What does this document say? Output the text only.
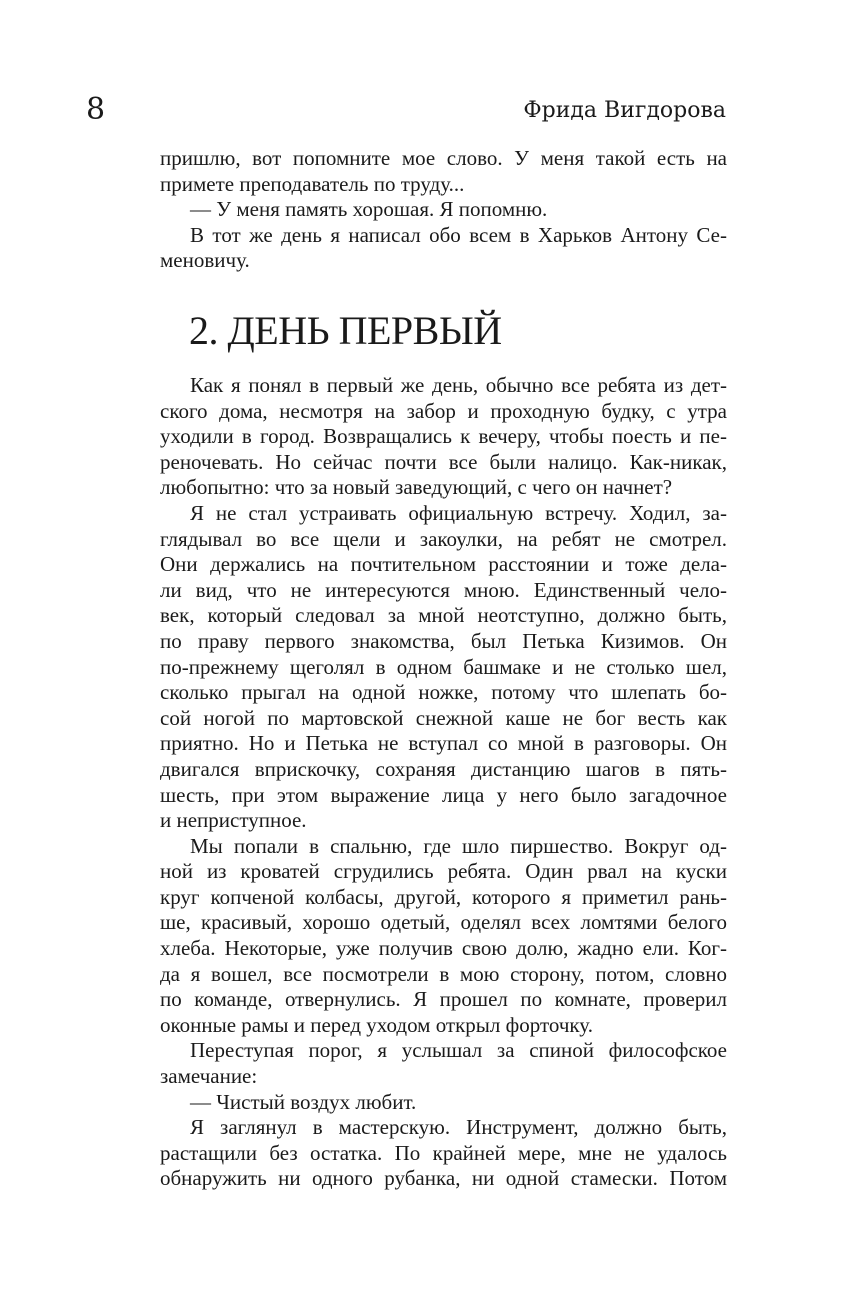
8	Фрида Вигдорова
пришлю, вот попомните мое слово. У меня такой есть на
примете преподаватель по труду...
— У меня память хорошая. Я попомню.
В тот же день я написал обо всем в Харьков Антону Се-
меновичу.
2. ДЕНЬ ПЕРВЫЙ
Как я понял в первый же день, обычно все ребята из дет-
ского дома, несмотря на забор и проходную будку, с утра
уходили в город. Возвращались к вечеру, чтобы поесть и пе-
реночевать. Но сейчас почти все были налицо. Как-никак,
любопытно: что за новый заведующий, с чего он начнет?
Я не стал устраивать официальную встречу. Ходил, за-
глядывал во все щели и закоулки, на ребят не смотрел.
Они держались на почтительном расстоянии и тоже дела-
ли вид, что не интересуются мною. Единственный чело-
век, который следовал за мной неотступно, должно быть,
по праву первого знакомства, был Петька Кизимов. Он
по-прежнему щеголял в одном башмаке и не столько шел,
сколько прыгал на одной ножке, потому что шлепать бо-
сой ногой по мартовской снежной каше не бог весть как
приятно. Но и Петька не вступал со мной в разговоры. Он
двигался вприскочку, сохраняя дистанцию шагов в пять-
шесть, при этом выражение лица у него было загадочное
и неприступное.
Мы попали в спальню, где шло пиршество. Вокруг од-
ной из кроватей сгрудились ребята. Один рвал на куски
круг копченой колбасы, другой, которого я приметил рань-
ше, красивый, хорошо одетый, оделял всех ломтями белого
хлеба. Некоторые, уже получив свою долю, жадно ели. Ког-
да я вошел, все посмотрели в мою сторону, потом, словно
по команде, отвернулись. Я прошел по комнате, проверил
оконные рамы и перед уходом открыл форточку.
Переступая порог, я услышал за спиной философское
замечание:
— Чистый воздух любит.
Я заглянул в мастерскую. Инструмент, должно быть,
растащили без остатка. По крайней мере, мне не удалось
обнаружить ни одного рубанка, ни одной стамески. Потом
